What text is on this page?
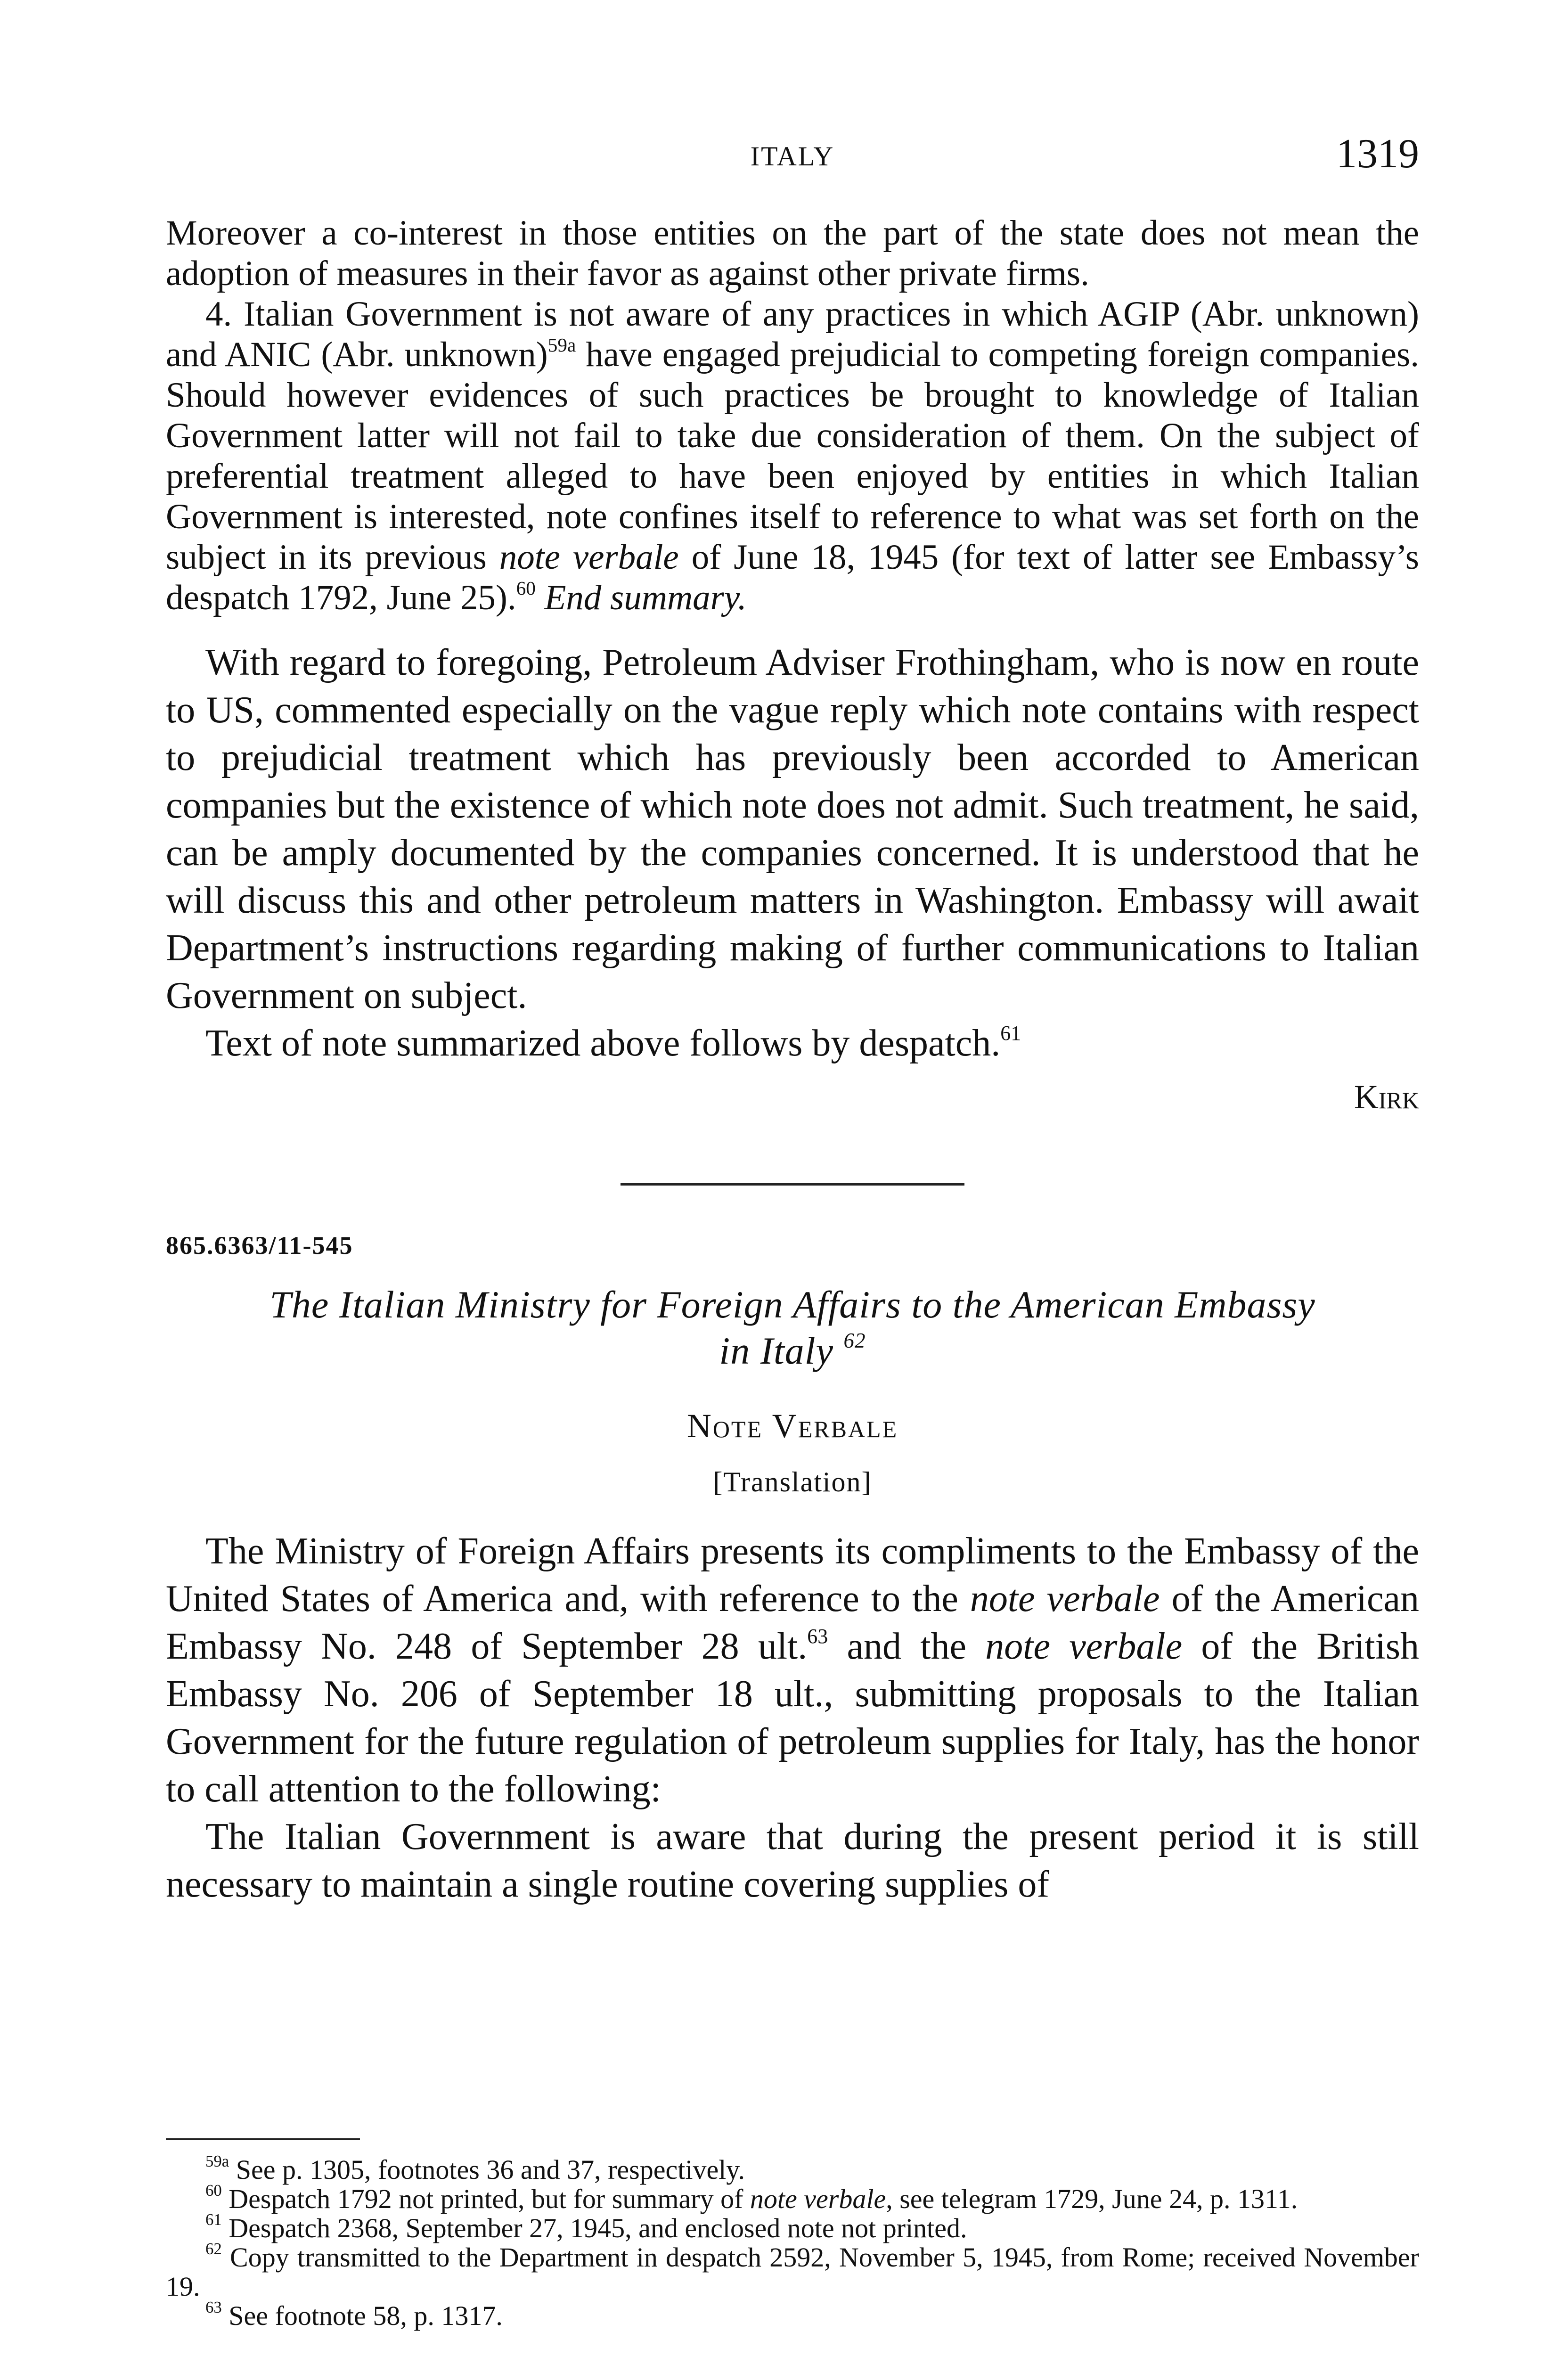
ITALY	1319

Moreover a co-interest in those entities on the part of the state does not mean the adoption of measures in their favor as against other private firms.

4. Italian Government is not aware of any practices in which AGIP (Abr. unknown) and ANIC (Abr. unknown)$^{59a}$ have engaged prejudicial to competing foreign companies. Should however evidences of such practices be brought to knowledge of Italian Government latter will not fail to take due consideration of them. On the subject of preferential treatment alleged to have been enjoyed by entities in which Italian Government is interested, note confines itself to reference to what was set forth on the subject in its previous note verbale of June 18, 1945 (for text of latter see Embassy’s despatch 1792, June 25).$^{60}$ End summary.

With regard to foregoing, Petroleum Adviser Frothingham, who is now en route to US, commented especially on the vague reply which note contains with respect to prejudicial treatment which has previously been accorded to American companies but the existence of which note does not admit. Such treatment, he said, can be amply documented by the companies concerned. It is understood that he will discuss this and other petroleum matters in Washington. Embassy will await Department’s instructions regarding making of further communications to Italian Government on subject.

Text of note summarized above follows by despatch.$^{61}$

Kirk

865.6363/11-545

The Italian Ministry for Foreign Affairs to the American Embassy
in Italy $^{62}$

Note Verbale

[Translation]

The Ministry of Foreign Affairs presents its compliments to the Embassy of the United States of America and, with reference to the note verbale of the American Embassy No. 248 of September 28 ult.$^{63}$ and the note verbale of the British Embassy No. 206 of September 18 ult., submitting proposals to the Italian Government for the future regulation of petroleum supplies for Italy, has the honor to call attention to the following:

The Italian Government is aware that during the present period it is still necessary to maintain a single routine covering supplies of

$^{59a}$ See p. 1305, footnotes 36 and 37, respectively.

$^{60}$ Despatch 1792 not printed, but for summary of note verbale, see telegram 1729, June 24, p. 1311.

$^{61}$ Despatch 2368, September 27, 1945, and enclosed note not printed.

$^{62}$ Copy transmitted to the Department in despatch 2592, November 5, 1945, from Rome; received November 19.

$^{63}$ See footnote 58, p. 1317.
